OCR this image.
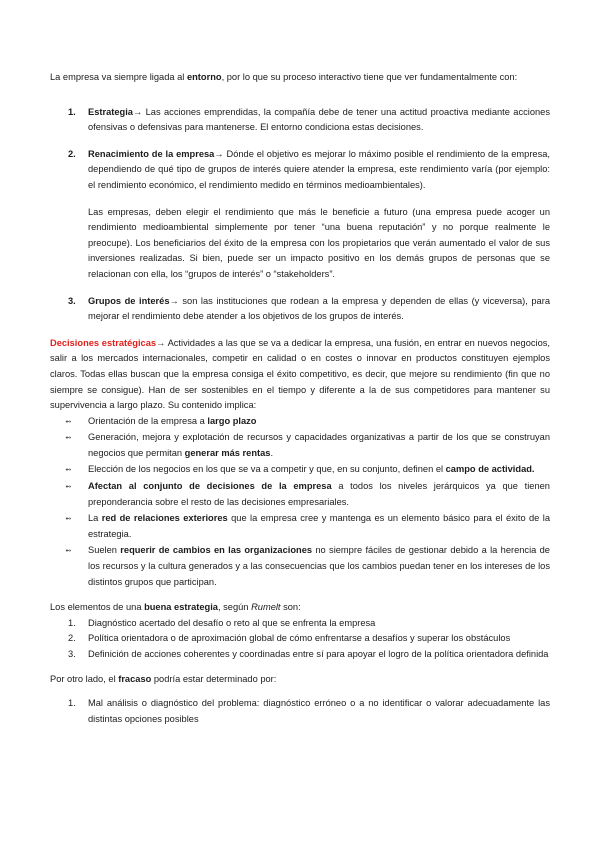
La empresa va siempre ligada al entorno, por lo que su proceso interactivo tiene que ver fundamentalmente con:

1. Estrategia→ Las acciones emprendidas, la compañía debe de tener una actitud proactiva mediante acciones ofensivas o defensivas para mantenerse. El entorno condiciona estas decisiones.

2. Renacimiento de la empresa→ Dónde el objetivo es mejorar lo máximo posible el rendimiento de la empresa, dependiendo de qué tipo de grupos de interés quiere atender la empresa, este rendimiento varía (por ejemplo: el rendimiento económico, el rendimiento medido en términos medioambientales).

Las empresas, deben elegir el rendimiento que más le beneficie a futuro (una empresa puede acoger un rendimiento medioambiental simplemente por tener “una buena reputación” y no porque realmente le preocupe). Los beneficiarios del éxito de la empresa con los propietarios que verán aumentado el valor de sus inversiones realizadas. Si bien, puede ser un impacto positivo en los demás grupos de personas que se relacionan con ella, los “grupos de interés” o “stakeholders”.

3. Grupos de interés→ son las instituciones que rodean a la empresa y dependen de ellas (y viceversa), para mejorar el rendimiento debe atender a los objetivos de los grupos de interés.

Decisiones estratégicas→ Actividades a las que se va a dedicar la empresa, una fusión, en entrar en nuevos negocios, salir a los mercados internacionales, competir en calidad o en costes o innovar en productos constituyen ejemplos claros. Todas ellas buscan que la empresa consiga el éxito competitivo, es decir, que mejore su rendimiento (fin que no siempre se consigue). Han de ser sostenibles en el tiempo y diferente a la de sus competidores para mantener su supervivencia a largo plazo. Su contenido implica:

➻ Orientación de la empresa a largo plazo

➻ Generación, mejora y explotación de recursos y capacidades organizativas a partir de los que se construyan negocios que permitan generar más rentas.

➻ Elección de los negocios en los que se va a competir y que, en su conjunto, definen el campo de actividad.

➻ Afectan al conjunto de decisiones de la empresa a todos los niveles jerárquicos ya que tienen preponderancia sobre el resto de las decisiones empresariales.

➻ La red de relaciones exteriores que la empresa cree y mantenga es un elemento básico para el éxito de la estrategia.

➻ Suelen requerir de cambios en las organizaciones no siempre fáciles de gestionar debido a la herencia de los recursos y la cultura generados y a las consecuencias que los cambios puedan tener en los intereses de los distintos grupos que participan.

Los elementos de una buena estrategia, según Rumelt son:

1. Diagnóstico acertado del desafío o reto al que se enfrenta la empresa

2. Política orientadora o de aproximación global de cómo enfrentarse a desafíos y superar los obstáculos

3. Definición de acciones coherentes y coordinadas entre sí para apoyar el logro de la política orientadora definida

Por otro lado, el fracaso podría estar determinado por:

1. Mal análisis o diagnóstico del problema: diagnóstico erróneo o a no identificar o valorar adecuadamente las distintas opciones posibles
